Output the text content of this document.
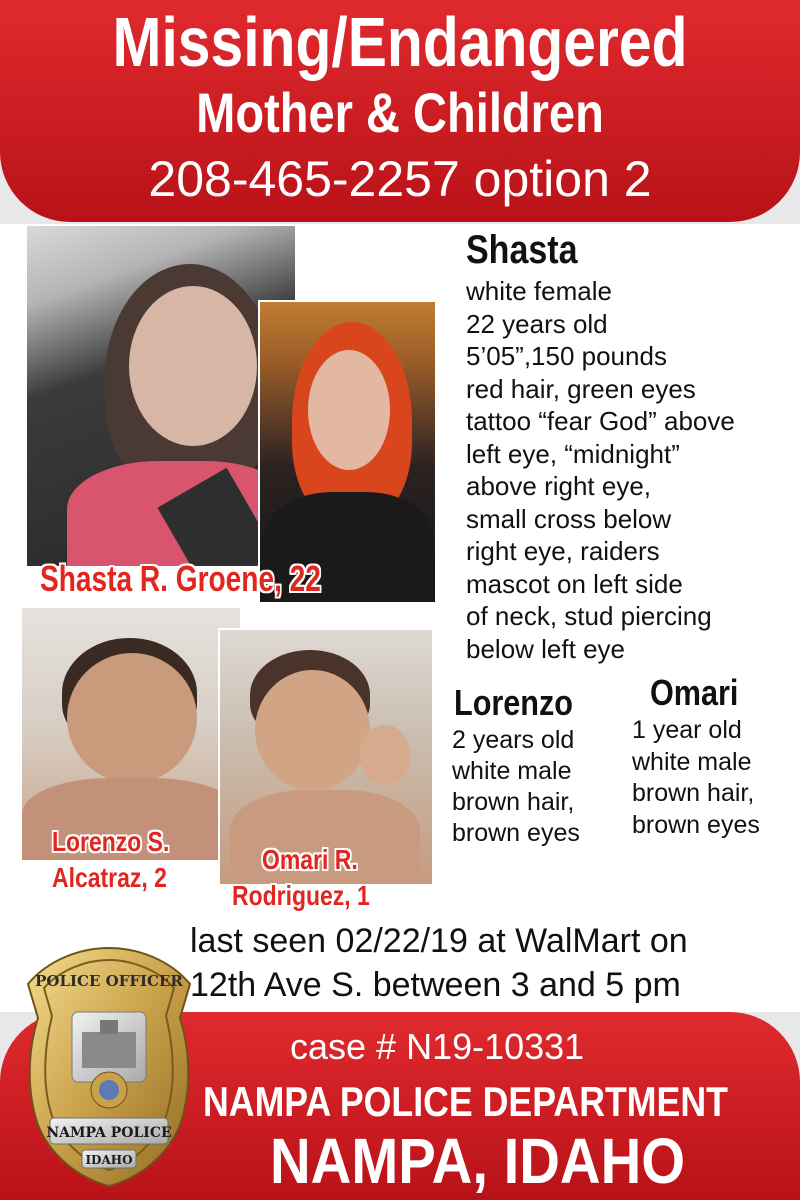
Missing/Endangered
Mother & Children
208-465-2257 option 2
Shasta R. Groene, 22
Lorenzo S.
Alcatraz, 2
Omari R.
Rodriguez, 1
Shasta
white female
22 years old
5’05”,150 pounds
red hair, green eyes
tattoo “fear God” above
left eye, “midnight”
above right eye,
small cross below
right eye, raiders
mascot on left side
of neck, stud piercing
below left eye
Lorenzo
2 years old
white male
brown hair,
brown eyes
Omari
1 year old
white male
brown hair,
brown eyes
last seen 02/22/19 at WalMart on
12th Ave S. between 3 and 5 pm
case # N19-10331
NAMPA POLICE DEPARTMENT
NAMPA, IDAHO
POLICE OFFICER
NAMPA POLICE
IDAHO
